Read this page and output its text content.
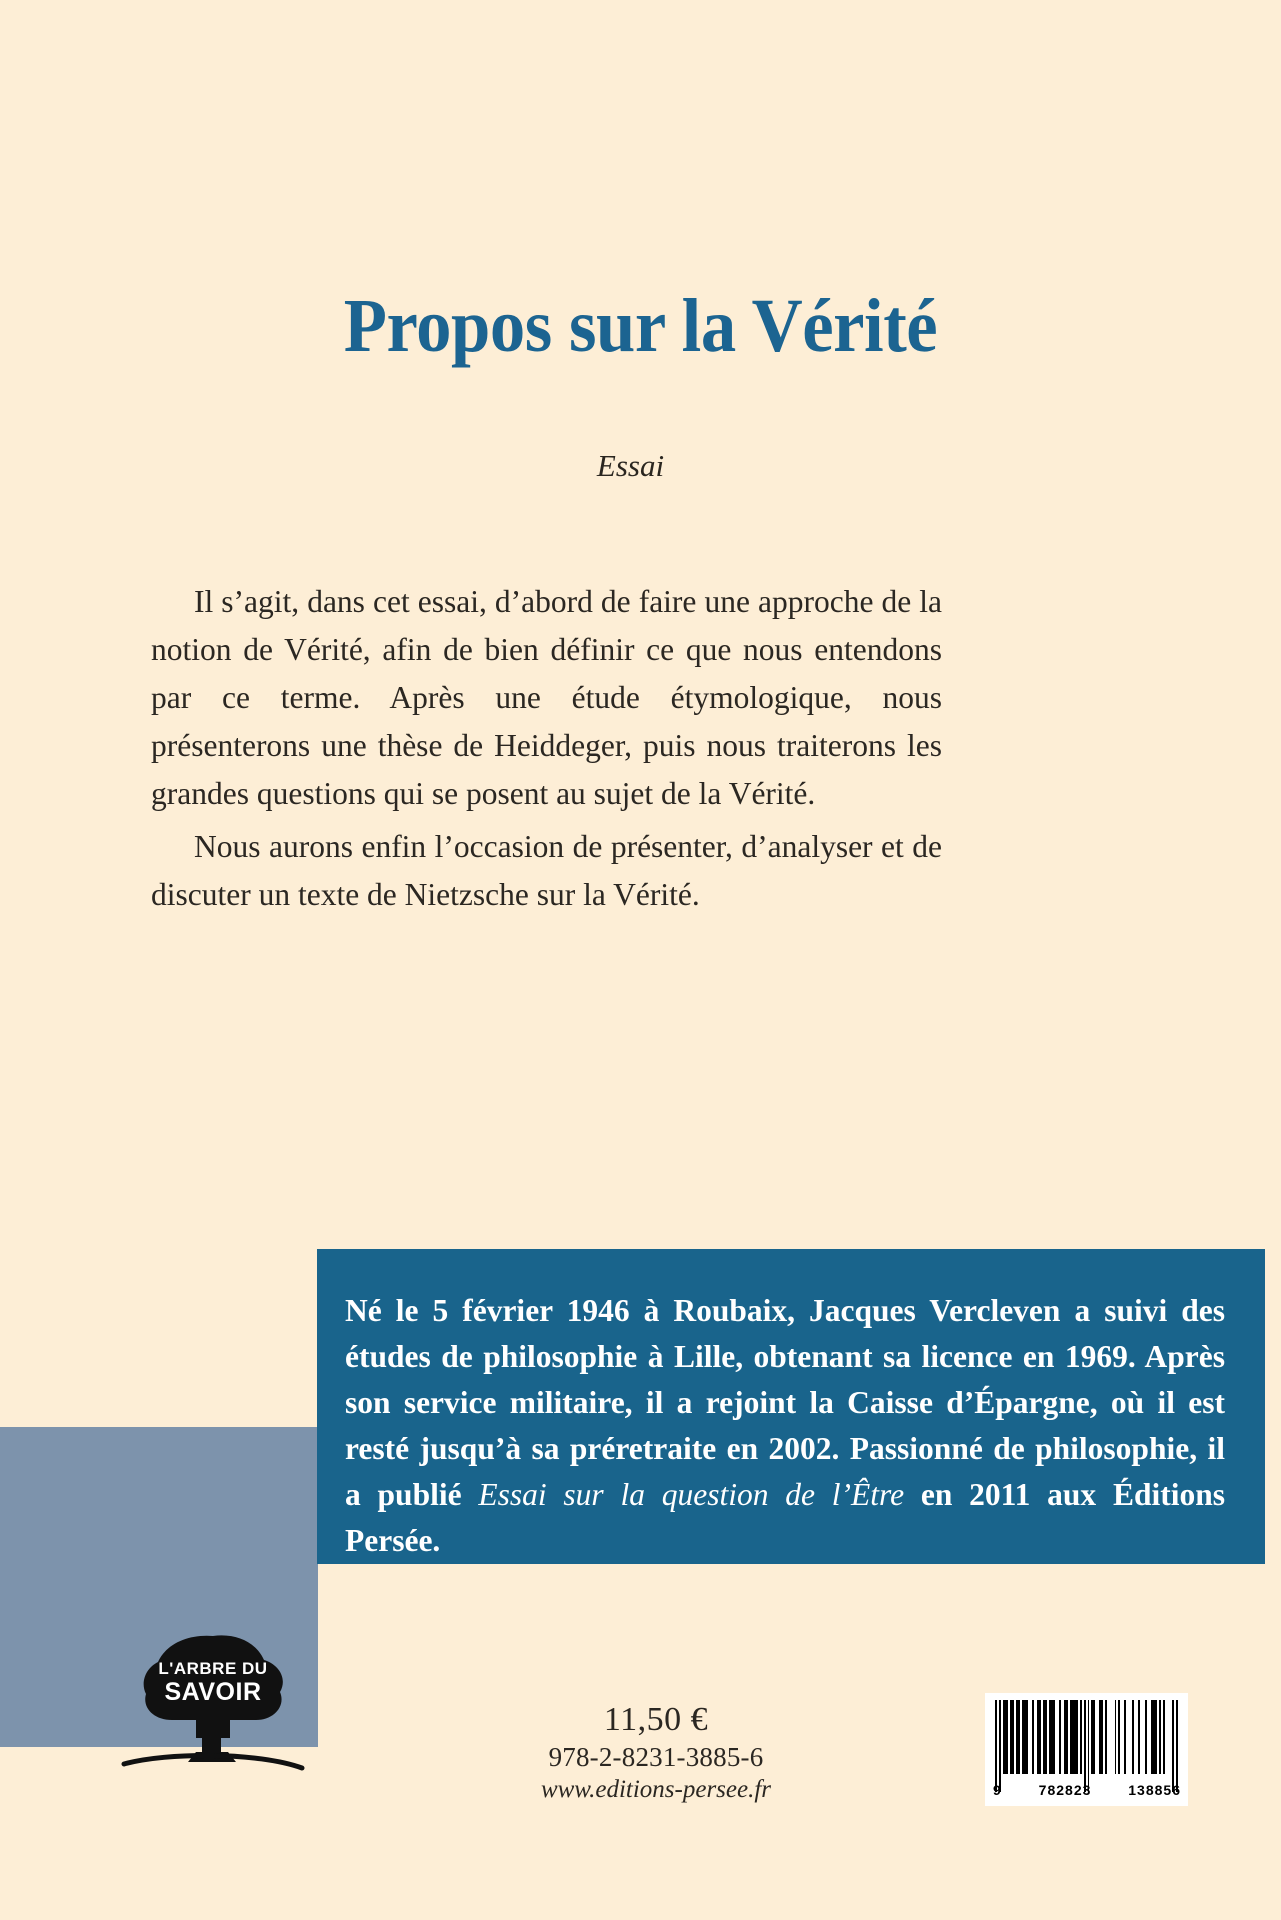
Propos sur la Vérité
Essai

Il s’agit, dans cet essai, d’abord de faire une approche de la notion de Vérité, afin de bien définir ce que nous entendons par ce terme. Après une étude étymologique, nous présenterons une thèse de Heiddeger, puis nous traiterons les grandes questions qui se posent au sujet de la Vérité.

Nous aurons enfin l’occasion de présenter, d’analyser et de discuter un texte de Nietzsche sur la Vérité.

Né le 5 février 1946 à Roubaix, Jacques Vercleven a suivi des études de philosophie à Lille, obtenant sa licence en 1969. Après son service militaire, il a rejoint la Caisse d’Épargne, où il est resté jusqu’à sa préretraite en 2002. Passionné de philosophie, il a publié Essai sur la question de l’Être en 2011 aux Éditions Persée.

L'ARBRE DU
SAVOIR
11,50 €
978-2-8231-3885-6
www.editions-persee.fr	9	782823	138856
